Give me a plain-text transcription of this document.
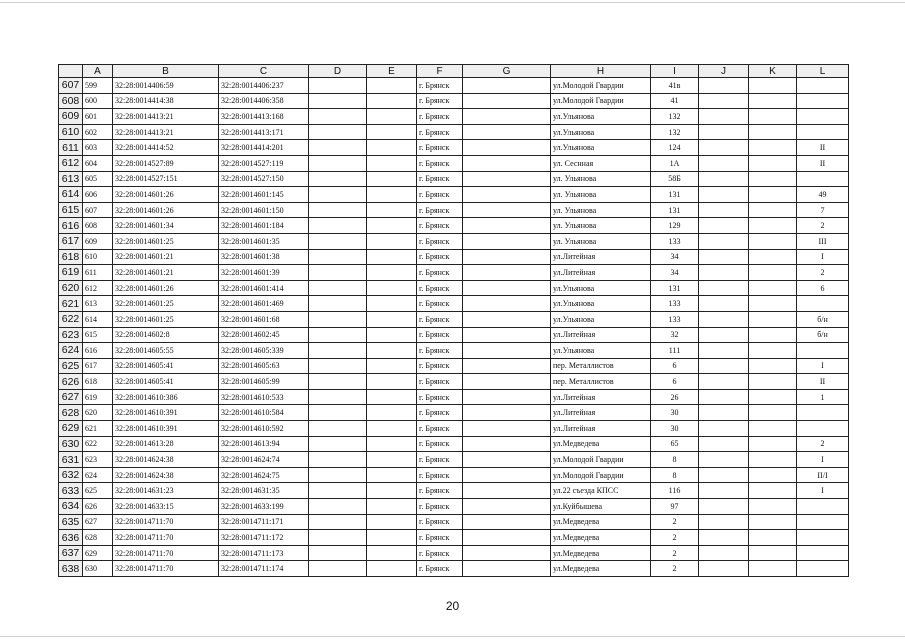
	A	B	C	D	E	F	G	H	I	J	K	L
607	599	32:28:0014406:59	32:28:0014406:237			г. Брянск		ул.Молодой Гвардии	41в			
608	600	32:28:0014414:38	32:28:0014406:358			г. Брянск		ул.Молодой Гвардии	41			
609	601	32:28:0014413:21	32:28:0014413:168			г. Брянск		ул.Ульянова	132			
610	602	32:28:0014413:21	32:28:0014413:171			г. Брянск		ул.Ульянова	132			
611	603	32:28:0014414:52	32:28:0014414:201			г. Брянск		ул.Ульянова	124			II
612	604	32:28:0014527:89	32:28:0014527:119			г. Брянск		ул. Сеснная	1А			II
613	605	32:28:0014527:151	32:28:0014527:150			г. Брянск		ул. Ульянова	58Б			
614	606	32:28:0014601:26	32:28:0014601:145			г. Брянск		ул. Ульянова	131			49
615	607	32:28:0014601:26	32:28:0014601:150			г. Брянск		ул. Ульянова	131			7
616	608	32:28:0014601:34	32:28:0014601:184			г. Брянск		ул. Ульянова	129			2
617	609	32:28:0014601:25	32:28:0014601:35			г. Брянск		ул. Ульянова	133			III
618	610	32:28:0014601:21	32:28:0014601:38			г. Брянск		ул.Литейная	34			I
619	611	32:28:0014601:21	32:28:0014601:39			г. Брянск		ул.Литейная	34			2
620	612	32:28:0014601:26	32:28:0014601:414			г. Брянск		ул.Ульянова	131			6
621	613	32:28:0014601:25	32:28:0014601:469			г. Брянск		ул.Ульянова	133			
622	614	32:28:0014601:25	32:28:0014601:68			г. Брянск		ул.Ульянова	133			б/н
623	615	32:28:0014602:8	32:28:0014602:45			г. Брянск		ул.Литейная	32			б/н
624	616	32:28:0014605:55	32:28:0014605:339			г. Брянск		ул.Ульянова	111			
625	617	32:28:0014605:41	32:28:0014605:63			г. Брянск		пер. Металлистов	6			I
626	618	32:28:0014605:41	32:28:0014605:99			г. Брянск		пер. Металлистов	6			II
627	619	32:28:0014610:386	32:28:0014610:533			г. Брянск		ул.Литейная	26			1
628	620	32:28:0014610:391	32:28:0014610:584			г. Брянск		ул.Литейная	30			
629	621	32:28:0014610:391	32:28:0014610:592			г. Брянск		ул.Литейная	30			
630	622	32:28:0014613:28	32:28:0014613:94			г. Брянск		ул.Медведева	65			2
631	623	32:28:0014624:38	32:28:0014624:74			г. Брянск		ул.Молодой Гвардии	8			I
632	624	32:28:0014624:38	32:28:0014624:75			г. Брянск		ул.Молодой Гвардии	8			II/I
633	625	32:28:0014631:23	32:28:0014631:35			г. Брянск		ул.22 съезда КПСС	116			I
634	626	32:28:0014633:15	32:28:0014633:199			г. Брянск		ул.Куйбышева	97			
635	627	32:28:0014711:70	32:28:0014711:171			г. Брянск		ул.Медведева	2			
636	628	32:28:0014711:70	32:28:0014711:172			г. Брянск		ул.Медведева	2			
637	629	32:28:0014711:70	32:28:0014711:173			г. Брянск		ул.Медведева	2			
638	630	32:28:0014711:70	32:28:0014711:174			г. Брянск		ул.Медведева	2			
20
